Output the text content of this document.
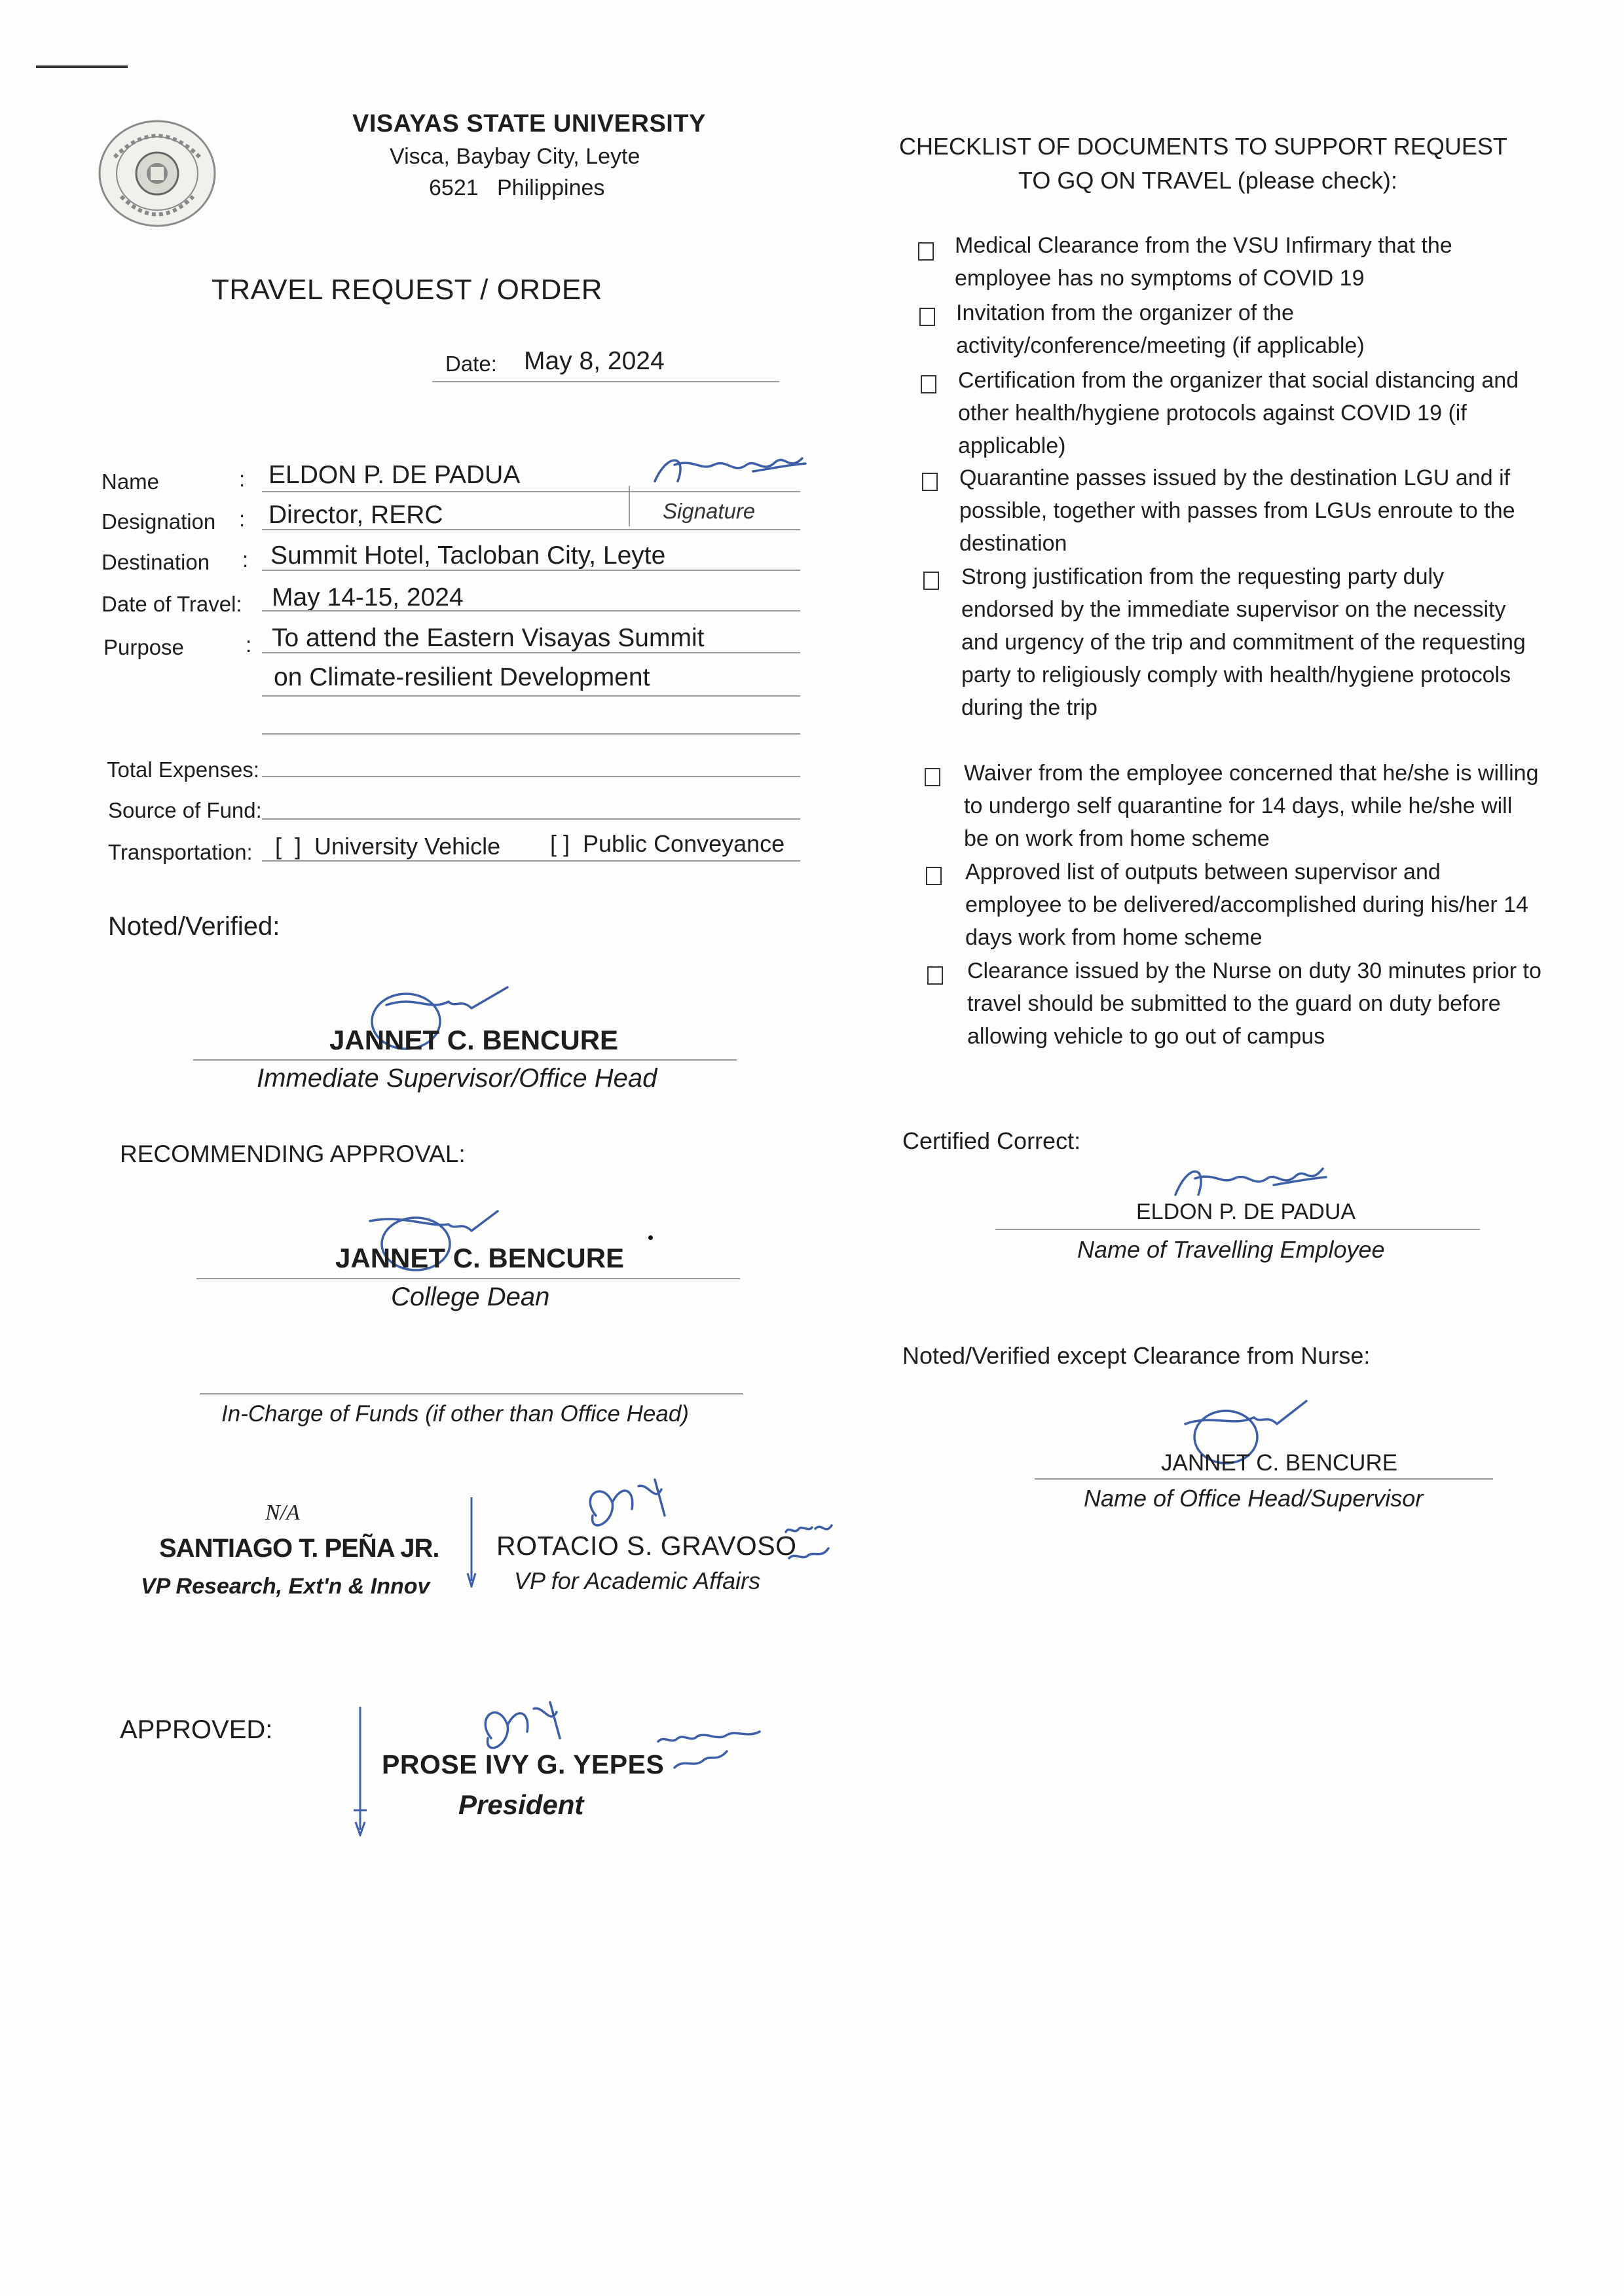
VISAYAS STATE UNIVERSITY
Visca, Baybay City, Leyte
6521   Philippines
TRAVEL REQUEST / ORDER
Date: May 8, 2024
Name	: ELDON P. DE PADUA
Designation : Director, RERC	Signature
Destination : Summit Hotel, Tacloban City, Leyte
Date of Travel: May 14-15, 2024
Purpose	: To attend the Eastern Visayas Summit
on Climate-resilient Development
Total Expenses:
Source of Fund:
Transportation: [  ]  University Vehicle [ ]  Public Conveyance
Noted/Verified:
JANNET C. BENCURE
Immediate Supervisor/Office Head
RECOMMENDING APPROVAL:
JANNET C. BENCURE
College Dean
In-Charge of Funds (if other than Office Head)
N/A
SANTIAGO T. PEÑA JR.
VP Research, Ext'n & Innov
ROTACIO S. GRAVOSO
VP for Academic Affairs
APPROVED:
PROSE IVY G. YEPES
President
CHECKLIST OF DOCUMENTS TO SUPPORT REQUEST
TO GQ ON TRAVEL (please check):
Medical Clearance from the VSU Infirmary that the employee has no symptoms of COVID 19
Invitation from the organizer of the activity/conference/meeting (if applicable)
Certification from the organizer that social distancing and other health/hygiene protocols against COVID 19 (if applicable)
Quarantine passes issued by the destination LGU and if possible, together with passes from LGUs enroute to the destination
Strong justification from the requesting party duly endorsed by the immediate supervisor on the necessity and urgency of the trip and commitment of the requesting party to religiously comply with health/hygiene protocols during the trip
Waiver from the employee concerned that he/she is willing to undergo self quarantine for 14 days, while he/she will be on work from home scheme
Approved list of outputs between supervisor and employee to be delivered/accomplished during his/her 14 days work from home scheme
Clearance issued by the Nurse on duty 30 minutes prior to travel should be submitted to the guard on duty before allowing vehicle to go out of campus
Certified Correct:
ELDON P. DE PADUA
Name of Travelling Employee
Noted/Verified except Clearance from Nurse:
JANNET C. BENCURE
Name of Office Head/Supervisor
